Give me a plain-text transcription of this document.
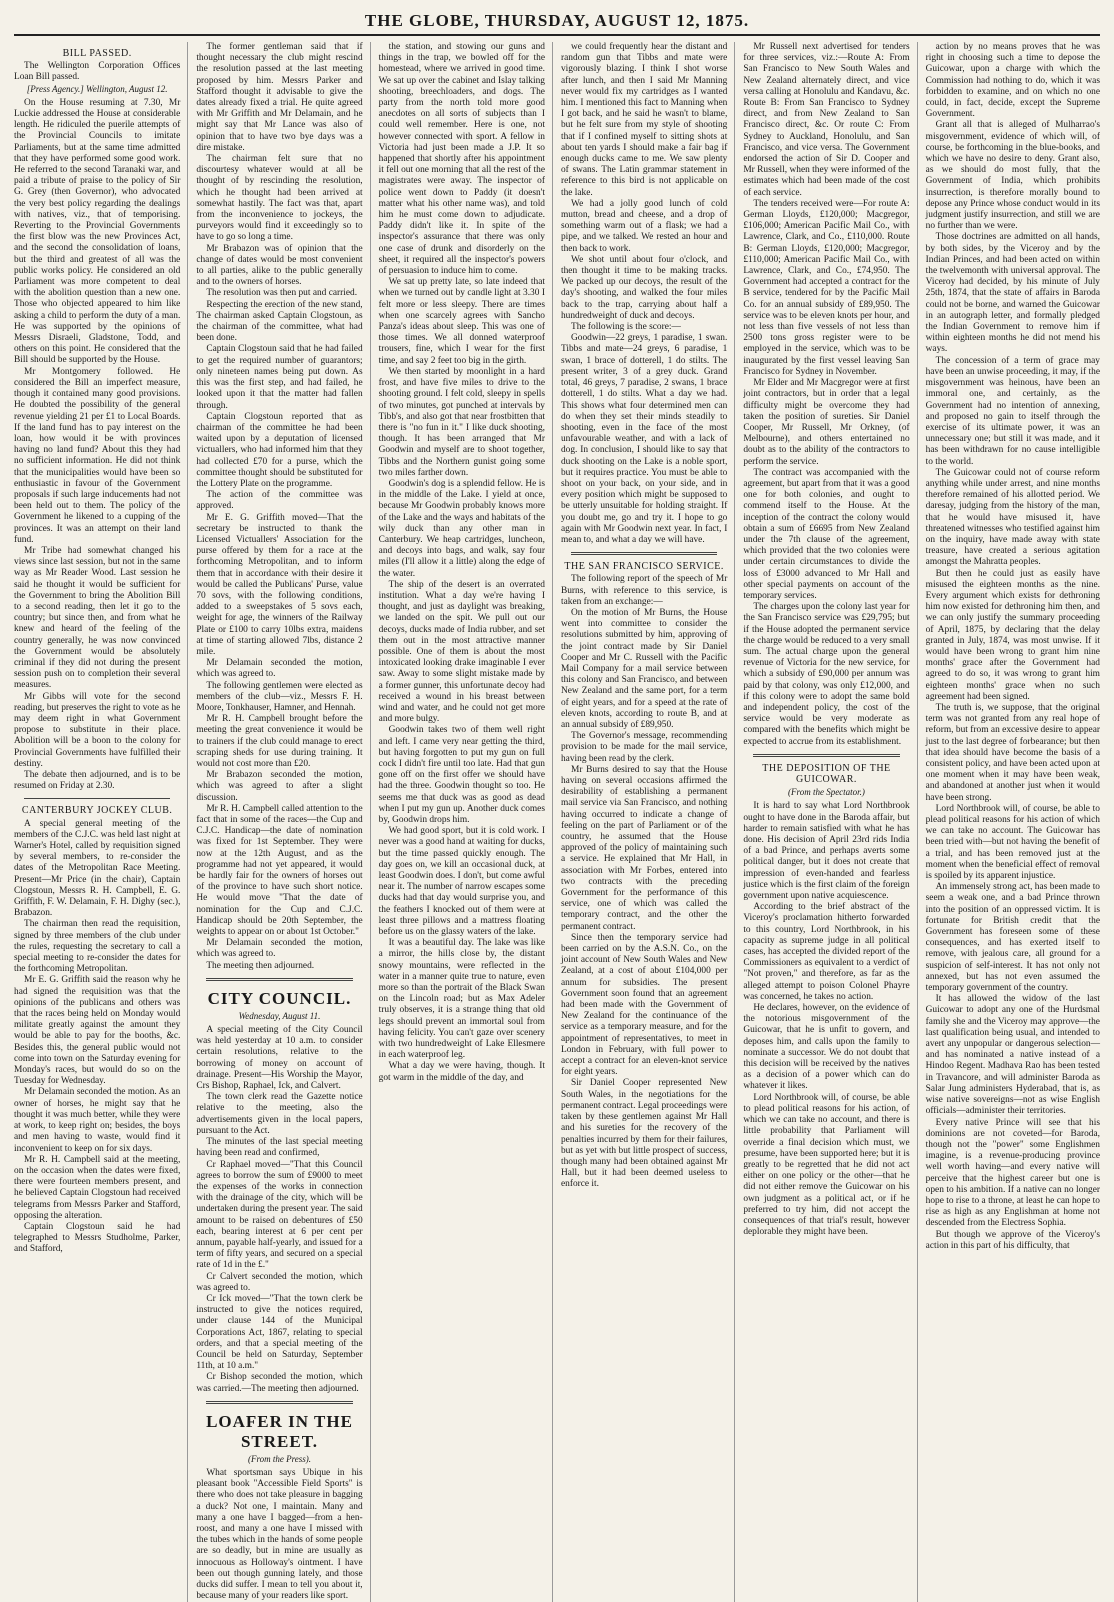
THE GLOBE, THURSDAY, AUGUST 12, 1875.
BILL PASSED.

The Wellington Corporation Offices Loan Bill passed.

[Press Agency.] Wellington, August 12.

On the House resuming at 7.30, Mr Luckie addressed the House at considerable length. He ridiculed the puerile attempts of the Provincial Councils to imitate Parliaments, but at the same time admitted that they have performed some good work. He referred to the second Taranaki war, and paid a tribute of praise to the policy of Sir G. Grey (then Governor), who advocated the very best policy regarding the dealings with natives, viz., that of temporising. Reverting to the Provincial Governments the first blow was the new Provinces Act, and the second the consolidation of loans, but the third and greatest of all was the public works policy. He considered an old Parliament was more competent to deal with the abolition question than a new one. Those who objected appeared to him like asking a child to perform the duty of a man. He was supported by the opinions of Messrs Disraeli, Gladstone, Todd, and others on this point. He considered that the Bill should be supported by the House.

Mr Montgomery followed. He considered the Bill an imperfect measure, though it contained many good provisions. He doubted the possibility of the general revenue yielding 21 per £1 to Local Boards. If the land fund has to pay interest on the loan, how would it be with provinces having no land fund? About this they had no sufficient information. He did not think that the municipalities would have been so enthusiastic in favour of the Government proposals if such large inducements had not been held out to them. The policy of the Government he likened to a cupping of the provinces. It was an attempt on their land fund.

Mr Tribe had somewhat changed his views since last session, but not in the same way as Mr Reader Wood. Last session he said he thought it would be sufficient for the Government to bring the Abolition Bill to a second reading, then let it go to the country; but since then, and from what he knew and heard of the feeling of the country generally, he was now convinced the Government would be absolutely criminal if they did not during the present session push on to completion their several measures.

Mr Gibbs will vote for the second reading, but preserves the right to vote as he may deem right in what Government propose to substitute in their place. Abolition will be a boon to the colony for Provincial Governments have fulfilled their destiny.

The debate then adjourned, and is to be resumed on Friday at 2.30.

CANTERBURY JOCKEY CLUB.

A special general meeting of the members of the C.J.C. was held last night at Warner's Hotel, called by requisition signed by several members, to re-consider the dates of the Metropolitan Race Meeting. Present—Mr Price (in the chair), Captain Clogstoun, Messrs R. H. Campbell, E. G. Griffith, F. W. Delamain, F. H. Dighy (sec.), Brabazon.

The chairman then read the requisition, signed by three members of the club under the rules, requesting the secretary to call a special meeting to re-consider the dates for the forthcoming Metropolitan.

Mr E. G. Griffith said the reason why he had signed the requisition was that the opinions of the publicans and others was that the races being held on Monday would militate greatly against the amount they would be able to pay for the booths, &c. Besides this, the general public would not come into town on the Saturday evening for Monday's races, but would do so on the Tuesday for Wednesday.

Mr Delamain seconded the motion. As an owner of horses, he might say that he thought it was much better, while they were at work, to keep right on; besides, the boys and men having to waste, would find it inconvenient to keep on for six days.

Mr R. H. Campbell said at the meeting, on the occasion when the dates were fixed, there were fourteen members present, and he believed Captain Clogstoun had received telegrams from Messrs Parker and Stafford, opposing the alteration.

Captain Clogstoun said he had telegraphed to Messrs Studholme, Parker, and Stafford,

The former gentleman said that if thought necessary the club might rescind the resolution passed at the last meeting proposed by him. Messrs Parker and Stafford thought it advisable to give the dates already fixed a trial. He quite agreed with Mr Griffith and Mr Delamain, and he might say that Mr Lance was also of opinion that to have two bye days was a dire mistake.

The chairman felt sure that no discourtesy whatever would at all be thought of by rescinding the resolution, which he thought had been arrived at somewhat hastily. The fact was that, apart from the inconvenience to jockeys, the purveyors would find it exceedingly so to have to go so long a time.

Mr Brabazon was of opinion that the change of dates would be most convenient to all parties, alike to the public generally and to the owners of horses.

The resolution was then put and carried.

Respecting the erection of the new stand, The chairman asked Captain Clogstoun, as the chairman of the committee, what had been done.

Captain Clogstoun said that he had failed to get the required number of guarantors; only nineteen names being put down. As this was the first step, and had failed, he looked upon it that the matter had fallen through.

Captain Clogstoun reported that as chairman of the committee he had been waited upon by a deputation of licensed victuallers, who had informed him that they had collected £70 for a purse, which the committee thought should be substituted for the Lottery Plate on the programme.

The action of the committee was approved.

Mr E. G. Griffith moved—That the secretary be instructed to thank the Licensed Victuallers' Association for the purse offered by them for a race at the forthcoming Metropolitan, and to inform them that in accordance with their desire it would be called the Publicans' Purse, value 70 sovs, with the following conditions, added to a sweepstakes of 5 sovs each, weight for age, the winners of the Railway Plate or £100 to carry 10lbs extra, maidens at time of starting allowed 7lbs, distance 2 mile.

Mr Delamain seconded the motion, which was agreed to.

The following gentlemen were elected as members of the club—viz., Messrs F. H. Moore, Tonkhauser, Hamner, and Hennah.

Mr R. H. Campbell brought before the meeting the great convenience it would be to trainers if the club could manage to erect scraping sheds for use during training. It would not cost more than £20.

Mr Brabazon seconded the motion, which was agreed to after a slight discussion.

Mr R. H. Campbell called attention to the fact that in some of the races—the Cup and C.J.C. Handicap—the date of nomination was fixed for 1st September. They were now at the 12th August, and as the programme had not yet appeared, it would be hardly fair for the owners of horses out of the province to have such short notice. He would move "That the date of nomination for the Cup and C.J.C. Handicap should be 20th September, the weights to appear on or about 1st October."

Mr Delamain seconded the motion, which was agreed to.

The meeting then adjourned.

CITY COUNCIL.
Wednesday, August 11.

A special meeting of the City Council was held yesterday at 10 a.m. to consider certain resolutions, relative to the borrowing of money on account of drainage. Present—His Worship the Mayor, Crs Bishop, Raphael, Ick, and Calvert.

The town clerk read the Gazette notice relative to the meeting, also the advertisements given in the local papers, pursuant to the Act.

The minutes of the last special meeting having been read and confirmed,

Cr Raphael moved—"That this Council agrees to borrow the sum of £9000 to meet the expenses of the works in connection with the drainage of the city, which will be undertaken during the present year. The said amount to be raised on debentures of £50 each, bearing interest at 6 per cent per annum, payable half-yearly, and issued for a term of fifty years, and secured on a special rate of 1d in the £."

Cr Calvert seconded the motion, which was agreed to.

Cr Ick moved—"That the town clerk be instructed to give the notices required, under clause 144 of the Municipal Corporations Act, 1867, relating to special orders, and that a special meeting of the Council be held on Saturday, September 11th, at 10 a.m."

Cr Bishop seconded the motion, which was carried.—The meeting then adjourned.

LOAFER IN THE STREET.
(From the Press).

What sportsman says Ubique in his pleasant book "Accessible Field Sports" is there who does not take pleasure in bagging a duck? Not one, I maintain. Many and many a one have I bagged—from a hen-roost, and many a one have I missed with the tubes which in the hands of some people are so deadly, but in mine are usually as innocuous as Holloway's ointment. I have been out though gunning lately, and those ducks did suffer. I mean to tell you about it, because many of your readers like sport.

the station, and stowing our guns and things in the trap, we bowled off for the homestead, where we arrived in good time. We sat up over the cabinet and Islay talking shooting, breechloaders, and dogs. The party from the north told more good anecdotes on all sorts of subjects than I could well remember. Here is one, not however connected with sport. A fellow in Victoria had just been made a J.P. It so happened that shortly after his appointment it fell out one morning that all the rest of the magistrates were away. The inspector of police went down to Paddy (it doesn't matter what his other name was), and told him he must come down to adjudicate. Paddy didn't like it. In spite of the inspector's assurance that there was only one case of drunk and disorderly on the sheet, it required all the inspector's powers of persuasion to induce him to come.

We sat up pretty late, so late indeed that when we turned out by candle light at 3.30 I felt more or less sleepy. There are times when one scarcely agrees with Sancho Panza's ideas about sleep. This was one of those times. We all donned waterproof trousers, fine, which I wear for the first time, and say 2 feet too big in the girth.

We then started by moonlight in a hard frost, and have five miles to drive to the shooting ground. I felt cold, sleepy in spells of two minutes, got punched at intervals by Tibb's, and also got that near frostbitten that there is "no fun in it." I like duck shooting, though. It has been arranged that Mr Goodwin and myself are to shoot together, Tibbs and the Northern gunist going some two miles farther down.

Goodwin's dog is a splendid fellow. He is in the middle of the Lake. I yield at once, because Mr Goodwin probably knows more of the Lake and the ways and habitats of the wily duck than any other man in Canterbury. We heap cartridges, luncheon, and decoys into bags, and walk, say four miles (I'll allow it a little) along the edge of the water.

The ship of the desert is an overrated institution. What a day we're having I thought, and just as daylight was breaking, we landed on the spit. We pull out our decoys, ducks made of India rubber, and set them out in the most attractive manner possible. One of them is about the most intoxicated looking drake imaginable I ever saw. Away to some slight mistake made by a former gunner, this unfortunate decoy had received a wound in his breast between wind and water, and he could not get more and more bulgy.

Goodwin takes two of them well right and left. I came very near getting the third, but having forgotten to put my gun on full cock I didn't fire until too late. Had that gun gone off on the first offer we should have had the three. Goodwin thought so too. He seems me that duck was as good as dead when I put my gun up. Another duck comes by, Goodwin drops him.

We had good sport, but it is cold work. I never was a good hand at waiting for ducks, but the time passed quickly enough. The day goes on, we kill an occasional duck, at least Goodwin does. I don't, but come awful near it. The number of narrow escapes some ducks had that day would surprise you, and the feathers I knocked out of them were at least three pillows and a mattress floating before us on the glassy waters of the lake.

It was a beautiful day. The lake was like a mirror, the hills close by, the distant snowy mountains, were reflected in the water in a manner quite true to nature, even more so than the portrait of the Black Swan on the Lincoln road; but as Max Adeler truly observes, it is a strange thing that old legs should prevent an immortal soul from having felicity. You can't gaze over scenery with two hundredweight of Lake Ellesmere in each waterproof leg.

What a day we were having, though. It got warm in the middle of the day, and

we could frequently hear the distant and random gun that Tibbs and mate were vigorously blazing. I think I shot worse after lunch, and then I said Mr Manning never would fix my cartridges as I wanted him. I mentioned this fact to Manning when I got back, and he said he wasn't to blame, but he felt sure from my style of shooting that if I confined myself to sitting shots at about ten yards I should make a fair bag if enough ducks came to me. We saw plenty of swans. The Latin grammar statement in reference to this bird is not applicable on the lake.

We had a jolly good lunch of cold mutton, bread and cheese, and a drop of something warm out of a flask; we had a pipe, and we talked. We rested an hour and then back to work.

We shot until about four o'clock, and then thought it time to be making tracks. We packed up our decoys, the result of the day's shooting, and walked the four miles back to the trap, carrying about half a hundredweight of duck and decoys.

The following is the score:—

Goodwin—22 greys, 1 paradise, 1 swan. Tibbs and mate—24 greys, 6 paradise, 1 swan, 1 brace of dotterell, 1 do stilts. The present writer, 3 of a grey duck. Grand total, 46 greys, 7 paradise, 2 swans, 1 brace dotterell, 1 do stilts. What a day we had. This shows what four determined men can do when they set their minds steadily to shooting, even in the face of the most unfavourable weather, and with a lack of dog. In conclusion, I should like to say that duck shooting on the Lake is a noble sport, but it requires practice. You must be able to shoot on your back, on your side, and in every position which might be supposed to be utterly unsuitable for holding straight. If you doubt me, go and try it. I hope to go again with Mr Goodwin next year. In fact, I mean to, and what a day we will have.

THE SAN FRANCISCO SERVICE.

The following report of the speech of Mr Burns, with reference to this service, is taken from an exchange:—

On the motion of Mr Burns, the House went into committee to consider the resolutions submitted by him, approving of the joint contract made by Sir Daniel Cooper and Mr C. Russell with the Pacific Mail Company for a mail service between this colony and San Francisco, and between New Zealand and the same port, for a term of eight years, and for a speed at the rate of eleven knots, according to route B, and at an annual subsidy of £89,950.

The Governor's message, recommending provision to be made for the mail service, having been read by the clerk.

Mr Burns desired to say that the House having on several occasions affirmed the desirability of establishing a permanent mail service via San Francisco, and nothing having occurred to indicate a change of feeling on the part of Parliament or of the country, he assumed that the House approved of the policy of maintaining such a service. He explained that Mr Hall, in association with Mr Forbes, entered into two contracts with the preceding Government for the performance of this service, one of which was called the temporary contract, and the other the permanent contract.

Since then the temporary service had been carried on by the A.S.N. Co., on the joint account of New South Wales and New Zealand, at a cost of about £104,000 per annum for subsidies. The present Government soon found that an agreement had been made with the Government of New Zealand for the continuance of the service as a temporary measure, and for the appointment of representatives, to meet in London in February, with full power to accept a contract for an eleven-knot service for eight years.

Sir Daniel Cooper represented New South Wales, in the negotiations for the permanent contract. Legal proceedings were taken by these gentlemen against Mr Hall and his sureties for the recovery of the penalties incurred by them for their failures, but as yet with but little prospect of success, though many had been obtained against Mr Hall, but it had been deemed useless to enforce it.

Mr Russell next advertised for tenders for three services, viz.:—Route A: From San Francisco to New South Wales and New Zealand alternately direct, and vice versa calling at Honolulu and Kandavu, &c. Route B: From San Francisco to Sydney direct, and from New Zealand to San Francisco direct, &c. Or route C: From Sydney to Auckland, Honolulu, and San Francisco, and vice versa. The Government endorsed the action of Sir D. Cooper and Mr Russell, when they were informed of the estimates which had been made of the cost of each service.

The tenders received were—For route A: German Lloyds, £120,000; Macgregor, £106,000; American Pacific Mail Co., with Lawrence, Clark, and Co., £110,000. Route B: German Lloyds, £120,000; Macgregor, £110,000; American Pacific Mail Co., with Lawrence, Clark, and Co., £74,950. The Government had accepted a contract for the B service, tendered for by the Pacific Mail Co. for an annual subsidy of £89,950. The service was to be eleven knots per hour, and not less than five vessels of not less than 2500 tons gross register were to be employed in the service, which was to be inaugurated by the first vessel leaving San Francisco for Sydney in November.

Mr Elder and Mr Macgregor were at first joint contractors, but in order that a legal difficulty might be overcome they had taken the position of sureties. Sir Daniel Cooper, Mr Russell, Mr Orkney, (of Melbourne), and others entertained no doubt as to the ability of the contractors to perform the service.

The contract was accompanied with the agreement, but apart from that it was a good one for both colonies, and ought to commend itself to the House. At the inception of the contract the colony would obtain a sum of £6695 from New Zealand under the 7th clause of the agreement, which provided that the two colonies were under certain circumstances to divide the loss of £3000 advanced to Mr Hall and other special payments on account of the temporary services.

The charges upon the colony last year for the San Francisco service was £29,795; but if the House adopted the permanent service the charge would be reduced to a very small sum. The actual charge upon the general revenue of Victoria for the new service, for which a subsidy of £90,000 per annum was paid by that colony, was only £12,000, and if this colony were to adopt the same bold and independent policy, the cost of the service would be very moderate as compared with the benefits which might be expected to accrue from its establishment.

THE DEPOSITION OF THE GUICOWAR.
(From the Spectator.)

It is hard to say what Lord Northbrook ought to have done in the Baroda affair, but harder to remain satisfied with what he has done. His decision of April 23rd rids India of a bad Prince, and perhaps averts some political danger, but it does not create that impression of even-handed and fearless justice which is the first claim of the foreign government upon native acquiescence.

According to the brief abstract of the Viceroy's proclamation hitherto forwarded to this country, Lord Northbrook, in his capacity as supreme judge in all political cases, has accepted the divided report of the Commissioners as equivalent to a verdict of "Not proven," and therefore, as far as the alleged attempt to poison Colonel Phayre was concerned, he takes no action.

He declares, however, on the evidence of the notorious misgovernment of the Guicowar, that he is unfit to govern, and deposes him, and calls upon the family to nominate a successor. We do not doubt that this decision will be received by the natives as a decision of a power which can do whatever it likes.

Lord Northbrook will, of course, be able to plead political reasons for his action, of which we can take no account, and there is little probability that Parliament will override a final decision which must, we presume, have been supported here; but it is greatly to be regretted that he did not act either on one policy or the other—that he did not either remove the Guicowar on his own judgment as a political act, or if he preferred to try him, did not accept the consequences of that trial's result, however deplorable they might have been.

action by no means proves that he was right in choosing such a time to depose the Guicowar, upon a charge with which the Commission had nothing to do, which it was forbidden to examine, and on which no one could, in fact, decide, except the Supreme Government.

Grant all that is alleged of Mulharrao's misgovernment, evidence of which will, of course, be forthcoming in the blue-books, and which we have no desire to deny. Grant also, as we should do most fully, that the Government of India, which prohibits insurrection, is therefore morally bound to depose any Prince whose conduct would in its judgment justify insurrection, and still we are no further than we were.

Those doctrines are admitted on all hands, by both sides, by the Viceroy and by the Indian Princes, and had been acted on within the twelvemonth with universal approval. The Viceroy had decided, by his minute of July 25th, 1874, that the state of affairs in Baroda could not be borne, and warned the Guicowar in an autograph letter, and formally pledged the Indian Government to remove him if within eighteen months he did not mend his ways.

The concession of a term of grace may have been an unwise proceeding, it may, if the misgovernment was heinous, have been an immoral one, and certainly, as the Government had no intention of annexing, and proposed no gain to itself through the exercise of its ultimate power, it was an unnecessary one; but still it was made, and it has been withdrawn for no cause intelligible to the world.

The Guicowar could not of course reform anything while under arrest, and nine months therefore remained of his allotted period. We daresay, judging from the history of the man, that he would have misused it, have threatened witnesses who testified against him on the inquiry, have made away with state treasure, have created a serious agitation amongst the Mahratta peoples.

But then he could just as easily have misused the eighteen months as the nine. Every argument which exists for dethroning him now existed for dethroning him then, and we can only justify the summary proceeding of April, 1875, by declaring that the delay granted in July, 1874, was most unwise. If it would have been wrong to grant him nine months' grace after the Government had agreed to do so, it was wrong to grant him eighteen months' grace when no such agreement had been signed.

The truth is, we suppose, that the original term was not granted from any real hope of reform, but from an excessive desire to appear just to the last degree of forbearance; but then that idea should have become the basis of a consistent policy, and have been acted upon at one moment when it may have been weak, and abandoned at another just when it would have been strong.

Lord Northbrook will, of course, be able to plead political reasons for his action of which we can take no account. The Guicowar has been tried with—but not having the benefit of a trial, and has been removed just at the moment when the beneficial effect of removal is spoiled by its apparent injustice.

An immensely strong act, has been made to seem a weak one, and a bad Prince thrown into the position of an oppressed victim. It is fortunate for British credit that the Government has foreseen some of these consequences, and has exerted itself to remove, with jealous care, all ground for a suspicion of self-interest. It has not only not annexed, but has not even assumed the temporary government of the country.

It has allowed the widow of the last Guicowar to adopt any one of the Hurdsmal family she and the Viceroy may approve—the last qualification being usual, and intended to avert any unpopular or dangerous selection—and has nominated a native instead of a Hindoo Regent. Madhava Rao has been tested in Travancore, and will administer Baroda as Salar Jung administers Hyderabad, that is, as wise native sovereigns—not as wise English officials—administer their territories.

Every native Prince will see that his dominions are not coveted—for Baroda, though not the "power" some Englishmen imagine, is a revenue-producing province well worth having—and every native will perceive that the highest career but one is open to his ambition. If a native can no longer hope to rise to a throne, at least he can hope to rise as high as any Englishman at home not descended from the Electress Sophia.

But though we approve of the Viceroy's action in this part of his difficulty, that
